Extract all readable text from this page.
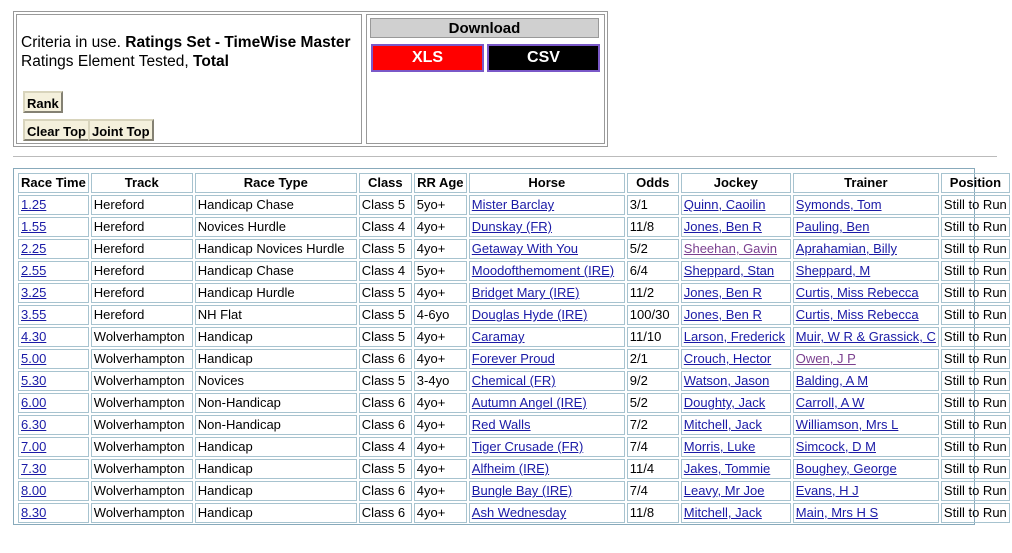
Criteria in use. Ratings Set - TimeWise Master
Ratings Element Tested, Total
Rank
Clear Top Joint Top
Download
XLS	CSV
Race Time	Track	Race Type	Class	RR Age	Horse	Odds	Jockey	Trainer	Position
1.25	Hereford	Handicap Chase	Class 5	5yo+	Mister Barclay	3/1	Quinn, Caoilin	Symonds, Tom	Still to Run
1.55	Hereford	Novices Hurdle	Class 4	4yo+	Dunskay (FR)	11/8	Jones, Ben R	Pauling, Ben	Still to Run
2.25	Hereford	Handicap Novices Hurdle	Class 5	4yo+	Getaway With You	5/2	Sheehan, Gavin	Aprahamian, Billy	Still to Run
2.55	Hereford	Handicap Chase	Class 4	5yo+	Moodofthemoment (IRE)	6/4	Sheppard, Stan	Sheppard, M	Still to Run
3.25	Hereford	Handicap Hurdle	Class 5	4yo+	Bridget Mary (IRE)	11/2	Jones, Ben R	Curtis, Miss Rebecca	Still to Run
3.55	Hereford	NH Flat	Class 5	4-6yo	Douglas Hyde (IRE)	100/30	Jones, Ben R	Curtis, Miss Rebecca	Still to Run
4.30	Wolverhampton	Handicap	Class 5	4yo+	Caramay	11/10	Larson, Frederick	Muir, W R & Grassick, C	Still to Run
5.00	Wolverhampton	Handicap	Class 6	4yo+	Forever Proud	2/1	Crouch, Hector	Owen, J P	Still to Run
5.30	Wolverhampton	Novices	Class 5	3-4yo	Chemical (FR)	9/2	Watson, Jason	Balding, A M	Still to Run
6.00	Wolverhampton	Non-Handicap	Class 6	4yo+	Autumn Angel (IRE)	5/2	Doughty, Jack	Carroll, A W	Still to Run
6.30	Wolverhampton	Non-Handicap	Class 6	4yo+	Red Walls	7/2	Mitchell, Jack	Williamson, Mrs L	Still to Run
7.00	Wolverhampton	Handicap	Class 4	4yo+	Tiger Crusade (FR)	7/4	Morris, Luke	Simcock, D M	Still to Run
7.30	Wolverhampton	Handicap	Class 5	4yo+	Alfheim (IRE)	11/4	Jakes, Tommie	Boughey, George	Still to Run
8.00	Wolverhampton	Handicap	Class 6	4yo+	Bungle Bay (IRE)	7/4	Leavy, Mr Joe	Evans, H J	Still to Run
8.30	Wolverhampton	Handicap	Class 6	4yo+	Ash Wednesday	11/8	Mitchell, Jack	Main, Mrs H S	Still to Run
